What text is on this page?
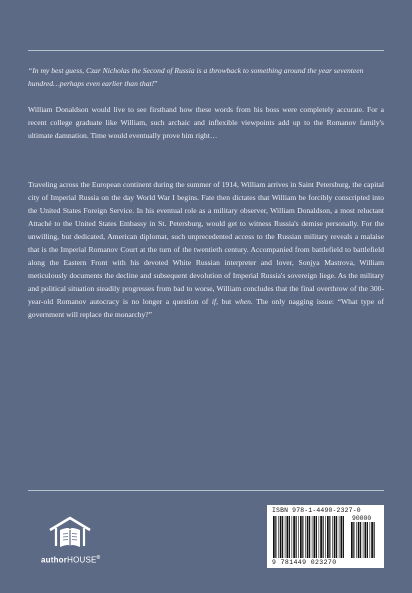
“In my best guess, Czar Nicholas the Second of Russia is a throwback to something around the year seventeen hundred…perhaps even earlier than that!”
William Donaldson would live to see firsthand how these words from his boss were completely accurate. For a recent college graduate like William, such archaic and inflexible viewpoints add up to the Romanov family's ultimate damnation. Time would eventually prove him right…
Traveling across the European continent during the summer of 1914, William arrives in Saint Petersburg, the capital city of Imperial Russia on the day World War I begins. Fate then dictates that William be forcibly conscripted into the United States Foreign Service. In his eventual role as a military observer, William Donaldson, a most reluctant Attaché to the United States Embassy in St. Petersburg, would get to witness Russia's demise personally. For the unwilling, but dedicated, American diplomat, such unprecedented access to the Russian military reveals a malaise that is the Imperial Romanov Court at the turn of the twentieth century. Accompanied from battlefield to battlefield along the Eastern Front with his devoted White Russian interpreter and lover, Sonjya Mastrova, William meticulously documents the decline and subsequent devolution of Imperial Russia's sovereign liege. As the military and political situation steadily progresses from bad to worse, William concludes that the final overthrow of the 300-year-old Romanov autocracy is no longer a question of if, but when. The only nagging issue: “What type of government will replace the monarchy?”
authorHOUSE®
ISBN 978-1-4490-2327-0
90000
9 781449 023270
